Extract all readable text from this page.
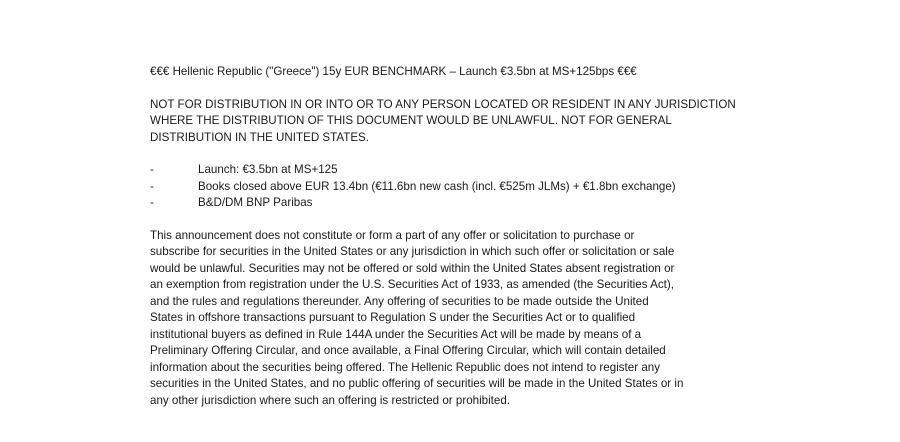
€€€ Hellenic Republic ("Greece") 15y EUR BENCHMARK – Launch €3.5bn at MS+125bps €€€
NOT FOR DISTRIBUTION IN OR INTO OR TO ANY PERSON LOCATED OR RESIDENT IN ANY JURISDICTION
WHERE THE DISTRIBUTION OF THIS DOCUMENT WOULD BE UNLAWFUL. NOT FOR GENERAL
DISTRIBUTION IN THE UNITED STATES.
-	Launch: €3.5bn at MS+125
-	Books closed above EUR 13.4bn (€11.6bn new cash (incl. €525m JLMs) + €1.8bn exchange)
-	B&D/DM BNP Paribas
This announcement does not constitute or form a part of any offer or solicitation to purchase or
subscribe for securities in the United States or any jurisdiction in which such offer or solicitation or sale
would be unlawful. Securities may not be offered or sold within the United States absent registration or
an exemption from registration under the U.S. Securities Act of 1933, as amended (the Securities Act),
and the rules and regulations thereunder. Any offering of securities to be made outside the United
States in offshore transactions pursuant to Regulation S under the Securities Act or to qualified
institutional buyers as defined in Rule 144A under the Securities Act will be made by means of a
Preliminary Offering Circular, and once available, a Final Offering Circular, which will contain detailed
information about the securities being offered. The Hellenic Republic does not intend to register any
securities in the United States, and no public offering of securities will be made in the United States or in
any other jurisdiction where such an offering is restricted or prohibited.
